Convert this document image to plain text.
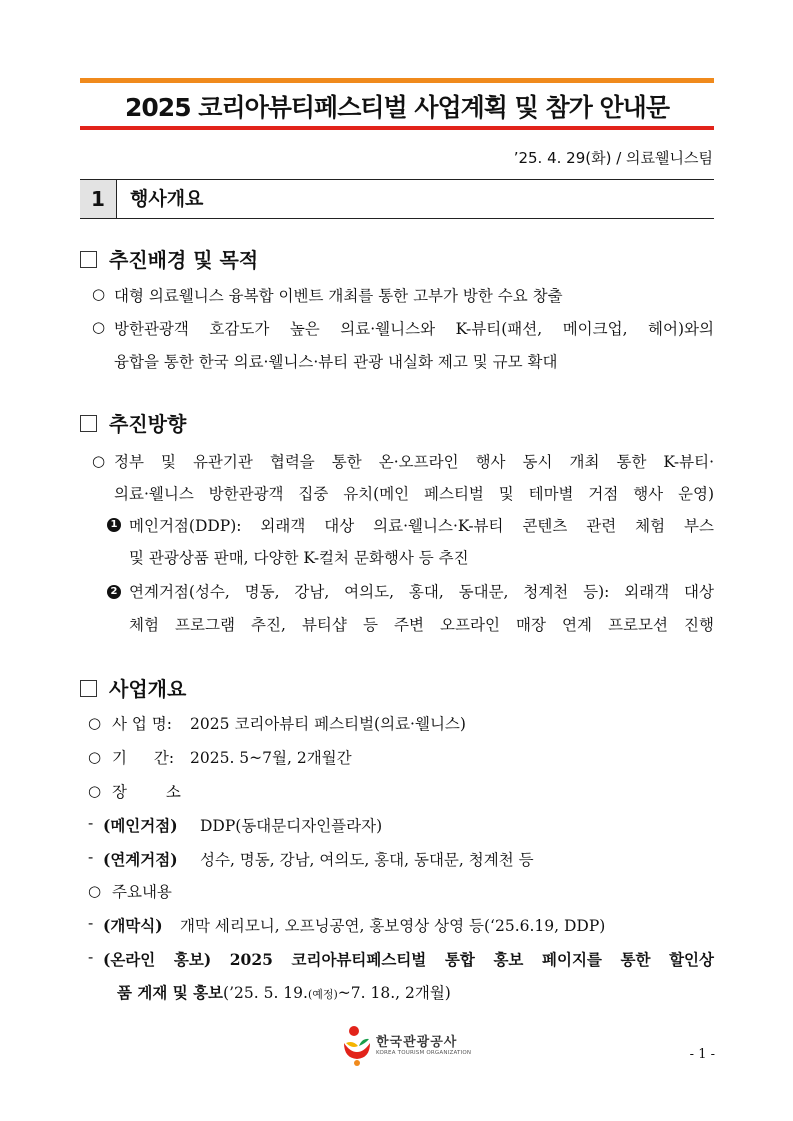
2025 코리아뷰티페스티벌 사업계획 및 참가 안내문
’25. 4. 29(화) / 의료웰니스팀
1	행사개요
추진배경 및 목적
○ 대형 의료웰니스 융복합 이벤트 개최를 통한 고부가 방한 수요 창출
○ 방한관광객 호감도가 높은 의료·웰니스와 K-뷰티(패션, 메이크업, 헤어)와의
융합을 통한 한국 의료·웰니스·뷰티 관광 내실화 제고 및 규모 확대
추진방향
○ 정부 및 유관기관 협력을 통한 온·오프라인 행사 동시 개최 통한 K-뷰티·
의료·웰니스 방한관광객 집중 유치(메인 페스티벌 및 테마별 거점 행사 운영)
1 메인거점(DDP): 외래객 대상 의료·웰니스·K-뷰티 콘텐츠 관련 체험 부스
및 관광상품 판매, 다양한 K-컬처 문화행사 등 추진
2 연계거점(성수, 명동, 강남, 여의도, 홍대, 동대문, 청계천 등): 외래객 대상
체험 프로그램 추진, 뷰티샵 등 주변 오프라인 매장 연계 프로모션 진행
사업개요
○ 사 업 명: 2025 코리아뷰티 페스티벌(의료·웰니스)
○ 기 간: 2025. 5~7월, 2개월간
○ 장 소
- (메인거점) DDP(동대문디자인플라자)
- (연계거점) 성수, 명동, 강남, 여의도, 홍대, 동대문, 청계천 등
○ 주요내용
- (개막식) 개막 세리모니, 오프닝공연, 홍보영상 상영 등(‘25.6.19, DDP)
- (온라인 홍보) 2025 코리아뷰티페스티벌 통합 홍보 페이지를 통한 할인상
품 게재 및 홍보(’25. 5. 19.(예정)~7. 18., 2개월)
한국관광공사
KOREA TOURISM ORGANIZATION	- 1 -
